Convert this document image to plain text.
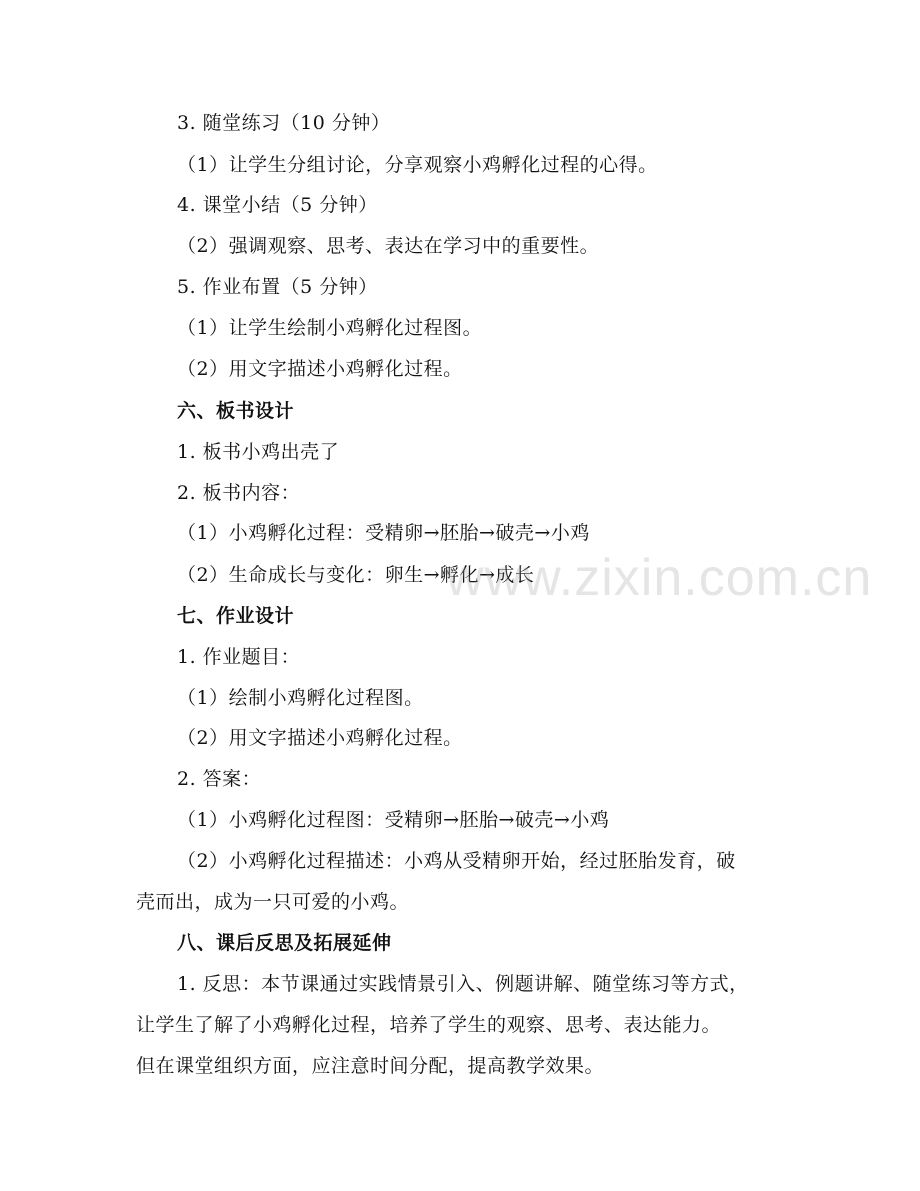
3. 随堂练习（10 分钟）
（1）让学生分组讨论，分享观察小鸡孵化过程的心得。
4. 课堂小结（5 分钟）
（2）强调观察、思考、表达在学习中的重要性。
5. 作业布置（5 分钟）
（1）让学生绘制小鸡孵化过程图。
（2）用文字描述小鸡孵化过程。
六、板书设计
1. 板书小鸡出壳了
2. 板书内容：
（1）小鸡孵化过程：受精卵→胚胎→破壳→小鸡
（2）生命成长与变化：卵生→孵化→成长
七、作业设计
1. 作业题目：
（1）绘制小鸡孵化过程图。
（2）用文字描述小鸡孵化过程。
2. 答案：
（1）小鸡孵化过程图：受精卵→胚胎→破壳→小鸡
（2）小鸡孵化过程描述：小鸡从受精卵开始，经过胚胎发育，破
壳而出，成为一只可爱的小鸡。
八、课后反思及拓展延伸
1. 反思：本节课通过实践情景引入、例题讲解、随堂练习等方式，
让学生了解了小鸡孵化过程，培养了学生的观察、思考、表达能力。
但在课堂组织方面，应注意时间分配，提高教学效果。
www.zixin.com.cn
